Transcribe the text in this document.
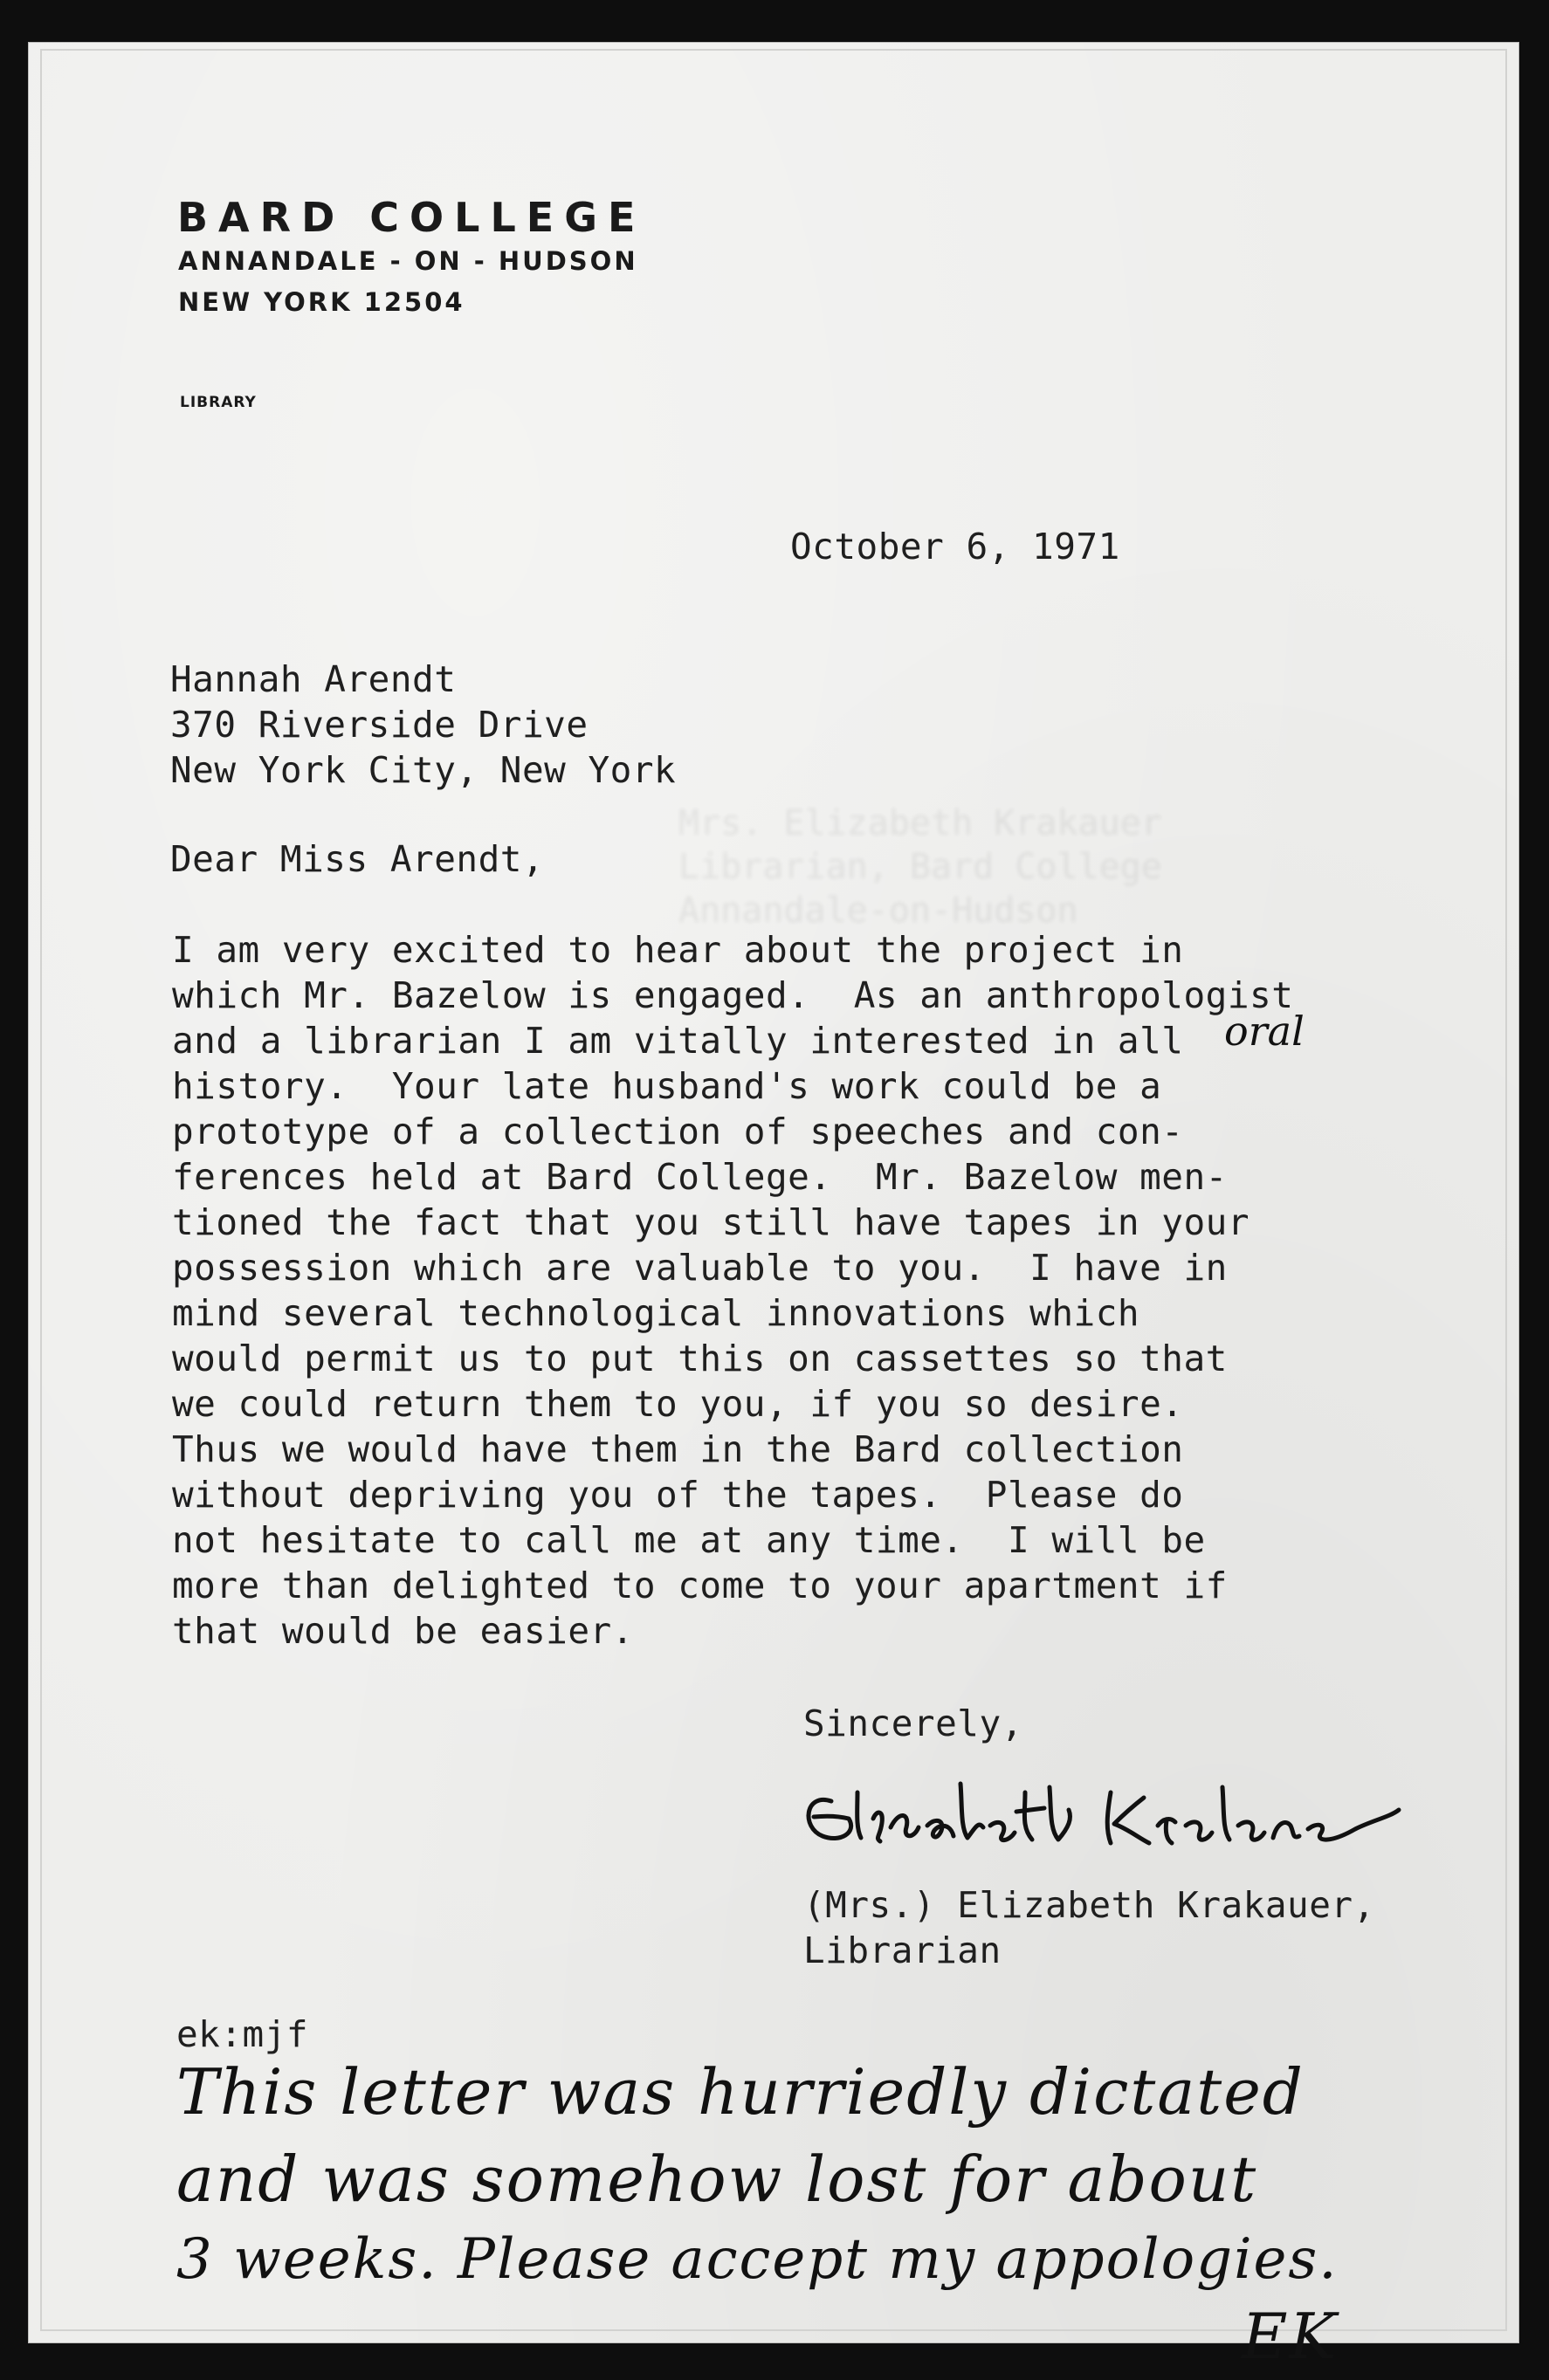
Mrs. Elizabeth Krakauer
Librarian, Bard College
Annandale-on-Hudson
BARD COLLEGE
ANNANDALE - ON - HUDSON
NEW YORK 12504
LIBRARY
October 6, 1971
Hannah Arendt
370 Riverside Drive
New York City, New York
Dear Miss Arendt,
I am very excited to hear about the project in
which Mr. Bazelow is engaged.  As an anthropologist
and a librarian I am vitally interested in all oral
history.  Your late husband's work could be a
prototype of a collection of speeches and con-
ferences held at Bard College.  Mr. Bazelow men-
tioned the fact that you still have tapes in your
possession which are valuable to you.  I have in
mind several technological innovations which
would permit us to put this on cassettes so that
we could return them to you, if you so desire.
Thus we would have them in the Bard collection
without depriving you of the tapes.  Please do
not hesitate to call me at any time.  I will be
more than delighted to come to your apartment if
that would be easier.
Sincerely,
(Mrs.) Elizabeth Krakauer,
Librarian
ek:mjf
This letter was hurriedly dictated
and was somehow lost for about
3 weeks. Please accept my appologies.
EK
